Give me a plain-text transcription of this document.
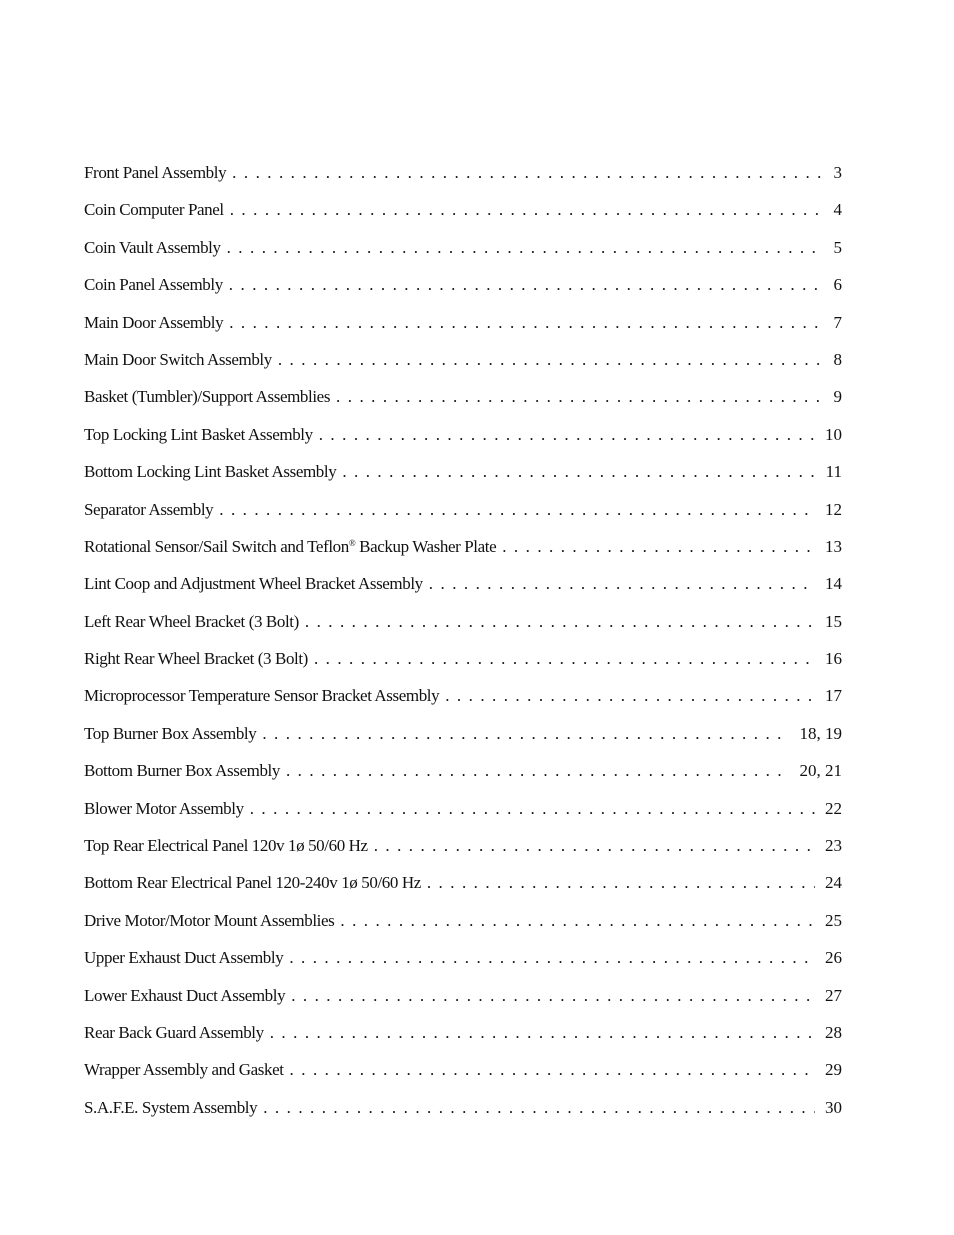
Front Panel Assembly . . .	3
Coin Computer Panel . . .	4
Coin Vault Assembly . . .	5
Coin Panel Assembly . . .	6
Main Door Assembly . . .	7
Main Door Switch Assembly . . .	8
Basket (Tumbler)/Support Assemblies . . .	9
Top Locking Lint Basket Assembly . . .	10
Bottom Locking Lint Basket Assembly . . .	11
Separator Assembly . . .	12
Rotational Sensor/Sail Switch and Teflon® Backup Washer Plate . . .	13
Lint Coop and Adjustment Wheel Bracket Assembly . . .	14
Left Rear Wheel Bracket (3 Bolt) . . .	15
Right Rear Wheel Bracket (3 Bolt) . . .	16
Microprocessor Temperature Sensor Bracket Assembly . . .	17
Top Burner Box Assembly . . .	18, 19
Bottom Burner Box Assembly . . .	20, 21
Blower Motor Assembly . . .	22
Top Rear Electrical Panel 120v 1ø 50/60 Hz . . .	23
Bottom Rear Electrical Panel 120-240v 1ø 50/60 Hz . . .	24
Drive Motor/Motor Mount Assemblies . . .	25
Upper Exhaust Duct Assembly . . .	26
Lower Exhaust Duct Assembly . . .	27
Rear Back Guard Assembly . . .	28
Wrapper Assembly and Gasket . . .	29
S.A.F.E. System Assembly . . .	30
